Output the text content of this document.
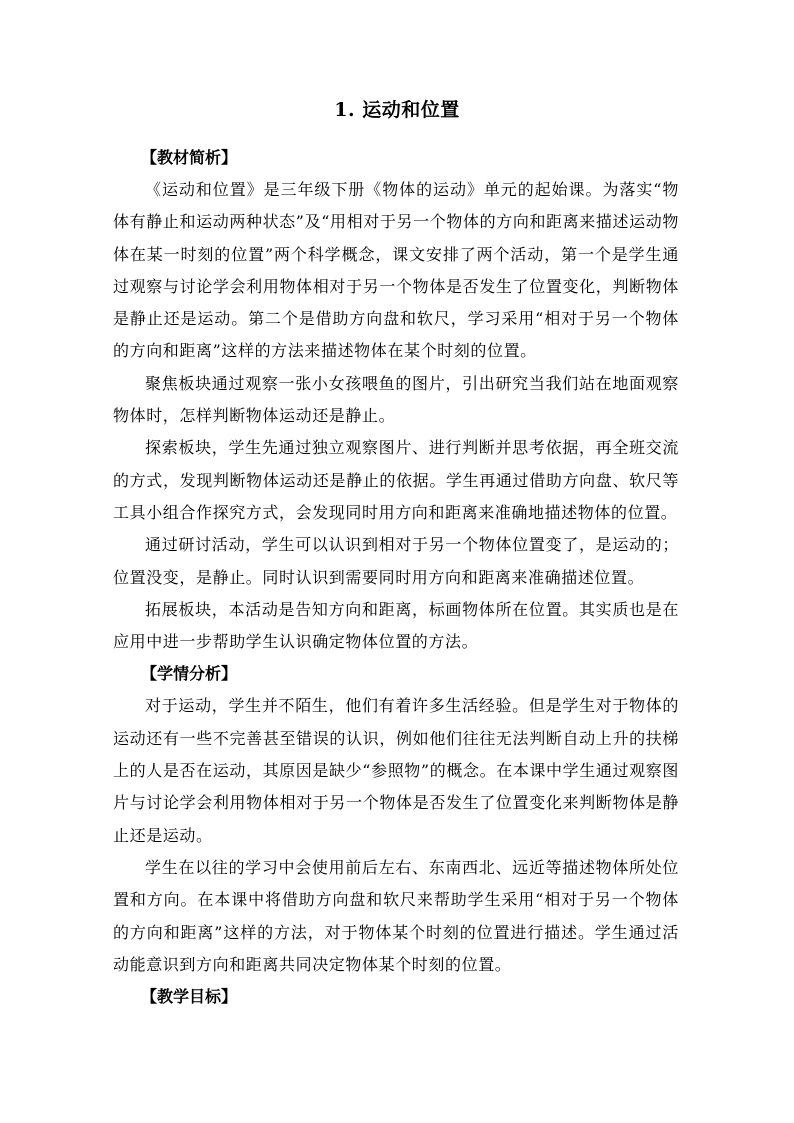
1. 运动和位置
【教材简析】

《运动和位置》是三年级下册《物体的运动》单元的起始课。为落实“物体有静止和运动两种状态”及“用相对于另一个物体的方向和距离来描述运动物体在某一时刻的位置”两个科学概念，课文安排了两个活动，第一个是学生通过观察与讨论学会利用物体相对于另一个物体是否发生了位置变化，判断物体是静止还是运动。第二个是借助方向盘和软尺，学习采用“相对于另一个物体的方向和距离”这样的方法来描述物体在某个时刻的位置。

聚焦板块通过观察一张小女孩喂鱼的图片，引出研究当我们站在地面观察物体时，怎样判断物体运动还是静止。

探索板块，学生先通过独立观察图片、进行判断并思考依据，再全班交流的方式，发现判断物体运动还是静止的依据。学生再通过借助方向盘、软尺等工具小组合作探究方式，会发现同时用方向和距离来准确地描述物体的位置。

通过研讨活动，学生可以认识到相对于另一个物体位置变了，是运动的；位置没变，是静止。同时认识到需要同时用方向和距离来准确描述位置。

拓展板块，本活动是告知方向和距离，标画物体所在位置。其实质也是在应用中进一步帮助学生认识确定物体位置的方法。

【学情分析】

对于运动，学生并不陌生，他们有着许多生活经验。但是学生对于物体的运动还有一些不完善甚至错误的认识，例如他们往往无法判断自动上升的扶梯上的人是否在运动，其原因是缺少“参照物”的概念。在本课中学生通过观察图片与讨论学会利用物体相对于另一个物体是否发生了位置变化来判断物体是静止还是运动。

学生在以往的学习中会使用前后左右、东南西北、远近等描述物体所处位置和方向。在本课中将借助方向盘和软尺来帮助学生采用“相对于另一个物体的方向和距离”这样的方法，对于物体某个时刻的位置进行描述。学生通过活动能意识到方向和距离共同决定物体某个时刻的位置。

【教学目标】
